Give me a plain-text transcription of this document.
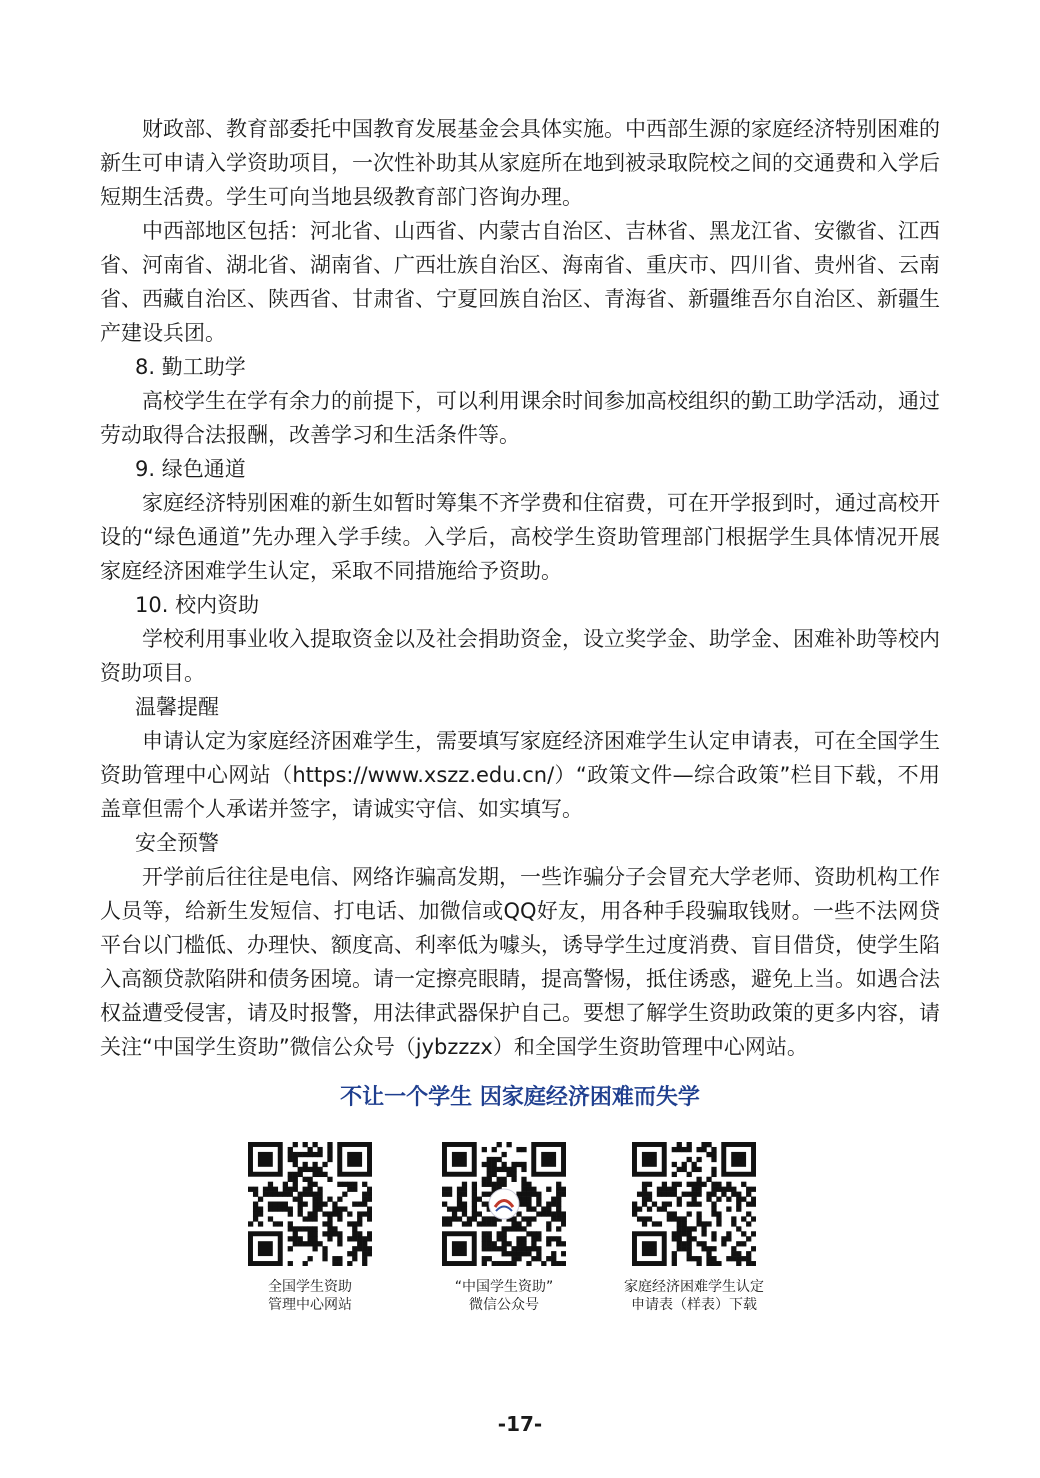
财政部、教育部委托中国教育发展基金会具体实施。中西部生源的家庭经济特别困难的新生可申请入学资助项目，一次性补助其从家庭所在地到被录取院校之间的交通费和入学后短期生活费。学生可向当地县级教育部门咨询办理。

中西部地区包括：河北省、山西省、内蒙古自治区、吉林省、黑龙江省、安徽省、江西省、河南省、湖北省、湖南省、广西壮族自治区、海南省、重庆市、四川省、贵州省、云南省、西藏自治区、陕西省、甘肃省、宁夏回族自治区、青海省、新疆维吾尔自治区、新疆生产建设兵团。

8. 勤工助学

高校学生在学有余力的前提下，可以利用课余时间参加高校组织的勤工助学活动，通过劳动取得合法报酬，改善学习和生活条件等。

9. 绿色通道

家庭经济特别困难的新生如暂时筹集不齐学费和住宿费，可在开学报到时，通过高校开设的“绿色通道”先办理入学手续。入学后，高校学生资助管理部门根据学生具体情况开展家庭经济困难学生认定，采取不同措施给予资助。

10. 校内资助

学校利用事业收入提取资金以及社会捐助资金，设立奖学金、助学金、困难补助等校内资助项目。

温馨提醒

申请认定为家庭经济困难学生，需要填写家庭经济困难学生认定申请表，可在全国学生资助管理中心网站（https://www.xszz.edu.cn/）“政策文件—综合政策”栏目下载，不用盖章但需个人承诺并签字，请诚实守信、如实填写。

安全预警

开学前后往往是电信、网络诈骗高发期，一些诈骗分子会冒充大学老师、资助机构工作人员等，给新生发短信、打电话、加微信或QQ好友，用各种手段骗取钱财。一些不法网贷平台以门槛低、办理快、额度高、利率低为噱头，诱导学生过度消费、盲目借贷，使学生陷入高额贷款陷阱和债务困境。请一定擦亮眼睛，提高警惕，抵住诱惑，避免上当。如遇合法权益遭受侵害，请及时报警，用法律武器保护自己。要想了解学生资助政策的更多内容，请关注“中国学生资助”微信公众号（jybzzzx）和全国学生资助管理中心网站。

不让一个学生 因家庭经济困难而失学
全国学生资助
管理中心网站
“中国学生资助”
微信公众号
家庭经济困难学生认定
申请表（样表）下载
-17-
